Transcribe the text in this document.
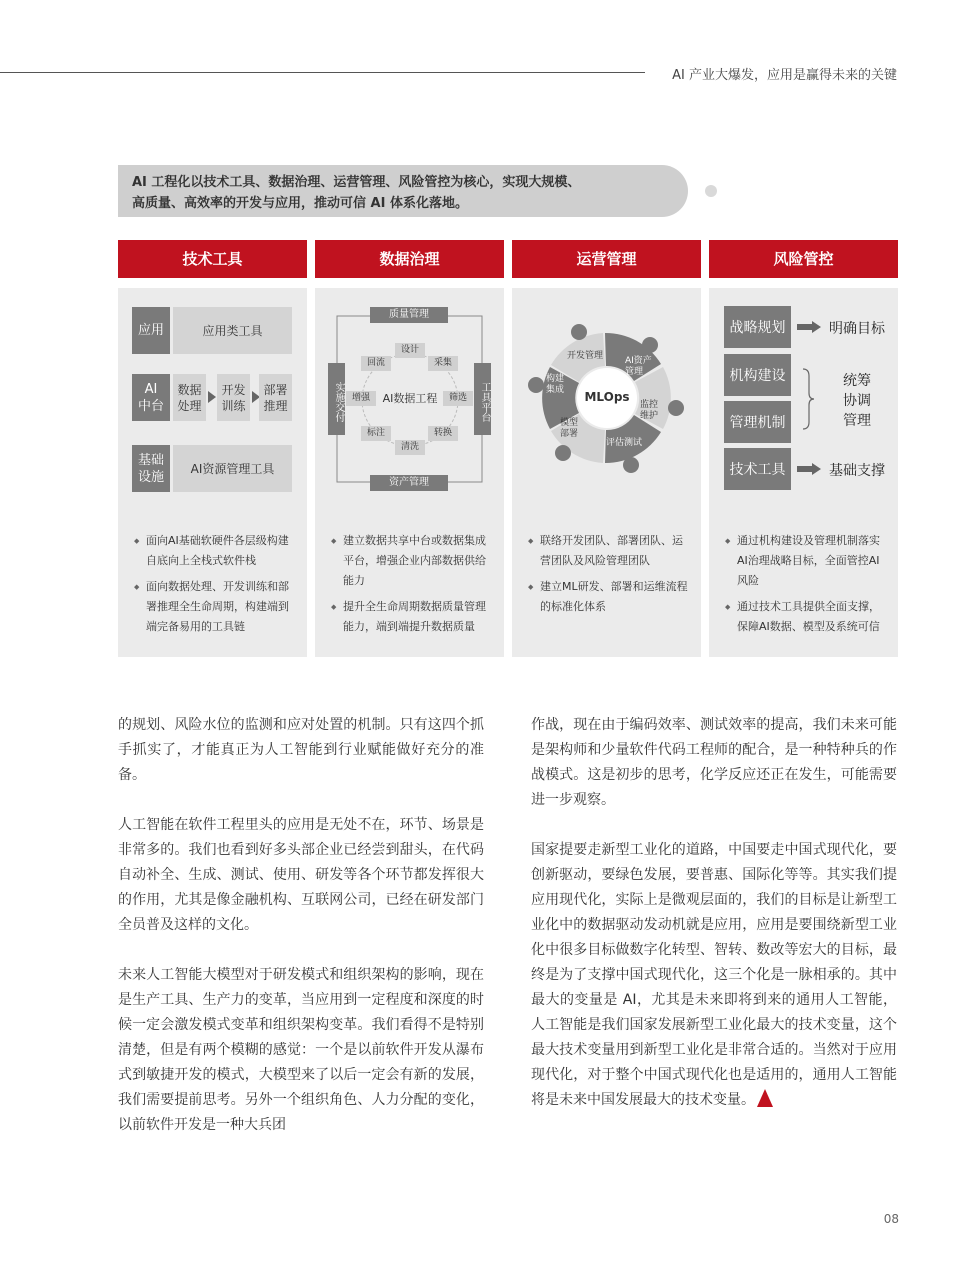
AI 产业大爆发，应用是赢得未来的关键
AI 工程化以技术工具、数据治理、运营管理、风险管控为核心，实现大规模、
高质量、高效率的开发与应用，推动可信 AI 体系化落地。
技术工具	数据治理	运营管理	风险管控
应用	应用类工具
AI
中台
数据
处理
开发
训练
部署
推理
基础
设施
AI资源管理工具
◆ 面向AI基础软硬件各层级构建自底向上全栈式软件栈
◆ 面向数据处理、开发训练和部署推理全生命周期，构建端到端完备易用的工具链
质量管理
资产管理
实施交付	工具平台
AI数据工程
设计
采集
筛选
转换
清洗
标注
增强
回流
◆ 建立数据共享中台或数据集成平台，增强企业内部数据供给能力
◆ 提升全生命周期数据质量管理能力，端到端提升数据质量
MLOps
开发管理 AI资产管理
监控维护
评估测试
模型部署
构建集成
◆ 联络开发团队、部署团队、运营团队及风险管理团队
◆ 建立ML研发、部署和运维流程的标准化体系
战略规划
机构建设
管理机制
技术工具
明确目标
统筹
协调
管理
基础支撑
◆ 通过机构建设及管理机制落实AI治理战略目标，全面管控AI风险
◆ 通过技术工具提供全面支撑，保障AI数据、模型及系统可信

的规划、风险水位的监测和应对处置的机制。只有这四个抓手抓实了，才能真正为人工智能到行业赋能做好充分的准备。

人工智能在软件工程里头的应用是无处不在，环节、场景是非常多的。我们也看到好多头部企业已经尝到甜头，在代码自动补全、生成、测试、使用、研发等各个环节都发挥很大的作用，尤其是像金融机构、互联网公司，已经在研发部门全员普及这样的文化。

未来人工智能大模型对于研发模式和组织架构的影响，现在是生产工具、生产力的变革，当应用到一定程度和深度的时候一定会激发模式变革和组织架构变革。我们看得不是特别清楚，但是有两个模糊的感觉：一个是以前软件开发从瀑布式到敏捷开发的模式，大模型来了以后一定会有新的发展，我们需要提前思考。另外一个组织角色、人力分配的变化，以前软件开发是一种大兵团

作战，现在由于编码效率、测试效率的提高，我们未来可能是架构师和少量软件代码工程师的配合，是一种特种兵的作战模式。这是初步的思考，化学反应还正在发生，可能需要进一步观察。

国家提要走新型工业化的道路，中国要走中国式现代化，要创新驱动，要绿色发展，要普惠、国际化等等。其实我们提应用现代化，实际上是微观层面的，我们的目标是让新型工业化中的数据驱动发动机就是应用，应用是要围绕新型工业化中很多目标做数字化转型、智转、数改等宏大的目标，最终是为了支撑中国式现代化，这三个化是一脉相承的。其中最大的变量是 AI，尤其是未来即将到来的通用人工智能，人工智能是我们国家发展新型工业化最大的技术变量，这个最大技术变量用到新型工业化是非常合适的。当然对于应用现代化，对于整个中国式现代化也是适用的，通用人工智能将是未来中国发展最大的技术变量。

08
